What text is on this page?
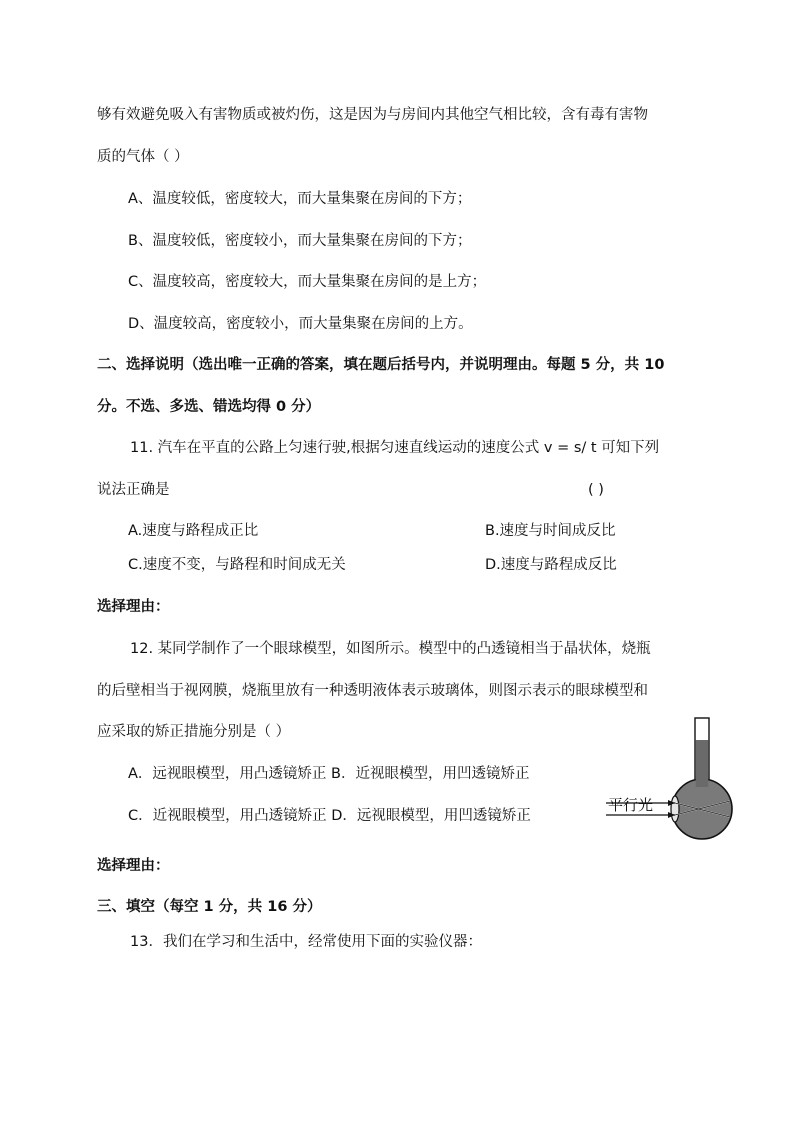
够有效避免吸入有害物质或被灼伤，这是因为与房间内其他空气相比较，含有毒有害物
质的气体（ ）
A、温度较低，密度较大，而大量集聚在房间的下方；
B、温度较低，密度较小，而大量集聚在房间的下方；
C、温度较高，密度较大，而大量集聚在房间的是上方；
D、温度较高，密度较小，而大量集聚在房间的上方。
二、选择说明（选出唯一正确的答案，填在题后括号内，并说明理由。每题 5 分，共 10
分。不选、多选、错选均得 0 分）
11. 汽车在平直的公路上匀速行驶,根据匀速直线运动的速度公式 v = s/ t 可知下列
说法正确是	( )
A.速度与路程成正比	B.速度与时间成反比
C.速度不变，与路程和时间成无关	D.速度与路程成反比
选择理由：
12. 某同学制作了一个眼球模型，如图所示。模型中的凸透镜相当于晶状体，烧瓶
的后壁相当于视网膜，烧瓶里放有一种透明液体表示玻璃体，则图示表示的眼球模型和
应采取的矫正措施分别是（ ）
A．远视眼模型，用凸透镜矫正 B．近视眼模型，用凹透镜矫正
C．近视眼模型，用凸透镜矫正 D．远视眼模型，用凹透镜矫正
平行光
选择理由：
三、填空（每空 1 分，共 16 分）
13．我们在学习和生活中，经常使用下面的实验仪器：
